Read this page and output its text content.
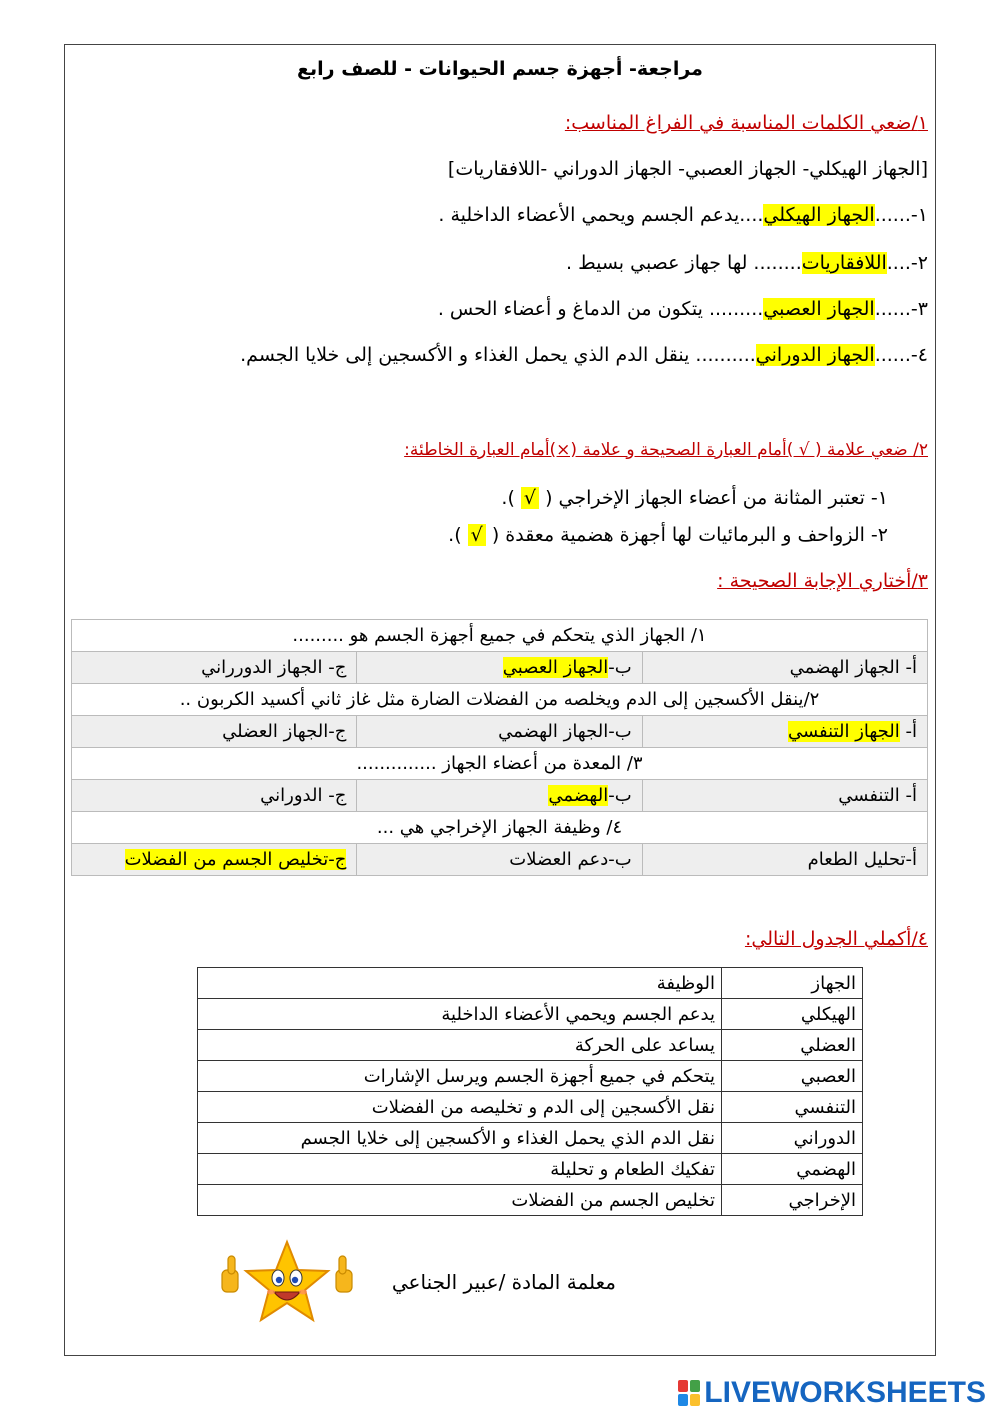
مراجعة- أجهزة جسم الحيوانات - للصف رابع
١/ضعي الكلمات المناسبة في الفراغ المناسب:
[الجهاز الهيكلي- الجهاز العصبي- الجهاز الدوراني -اللافقاريات]
١-......الجهاز الهيكلي....يدعم الجسم ويحمي الأعضاء الداخلية .
٢-....اللافقاريات........ لها جهاز عصبي بسيط .
٣-......الجهاز العصبي......... يتكون من الدماغ و أعضاء الحس .
٤-......الجهاز الدوراني.......... ينقل الدم الذي يحمل الغذاء و الأكسجين إلى خلايا الجسم.
٢/ ضعي علامة ( √ )أمام العبارة الصحيحة و علامة (×)أمام العبارة الخاطئة:
١- تعتبر المثانة من أعضاء الجهاز الإخراجي ( √ ).
٢- الزواحف و البرمائيات لها أجهزة هضمية معقدة ( √ ).
٣/أختاري الإجابة الصحيحة :
١/ الجهاز الذي يتحكم في جميع أجهزة الجسم هو .........		
أ- الجهاز الهضمي	ب-الجهاز العصبي	ج- الجهاز الدورراني
٢/ينقل الأكسجين إلى الدم ويخلصه من الفضلات الضارة مثل غاز ثاني أكسيد الكربون ..		
أ- الجهاز التنفسي	ب-الجهاز الهضمي	ج-الجهاز العضلي
٣/ المعدة من أعضاء الجهاز ..............		
أ- التنفسي	ب-الهضمي	ج- الدوراني
٤/ وظيفة الجهاز الإخراجي هي ...		
أ-تحليل الطعام	ب-دعم العضلات	ج-تخليص الجسم من الفضلات
٤/أكملي الجدول التالي:
الجهاز	الوظيفة
الهيكلي	يدعم الجسم ويحمي الأعضاء الداخلية
العضلي	يساعد على الحركة
العصبي	يتحكم في جميع أجهزة الجسم ويرسل الإشارات
التنفسي	نقل الأكسجين إلى الدم و تخليصه من الفضلات
الدوراني	نقل الدم الذي يحمل الغذاء و الأكسجين إلى خلايا الجسم
الهضمي	تفكيك الطعام و تحليلة
الإخراجي	تخليص الجسم من الفضلات
معلمة المادة /عبير الجناعي
LIVEWORKSHEETS
